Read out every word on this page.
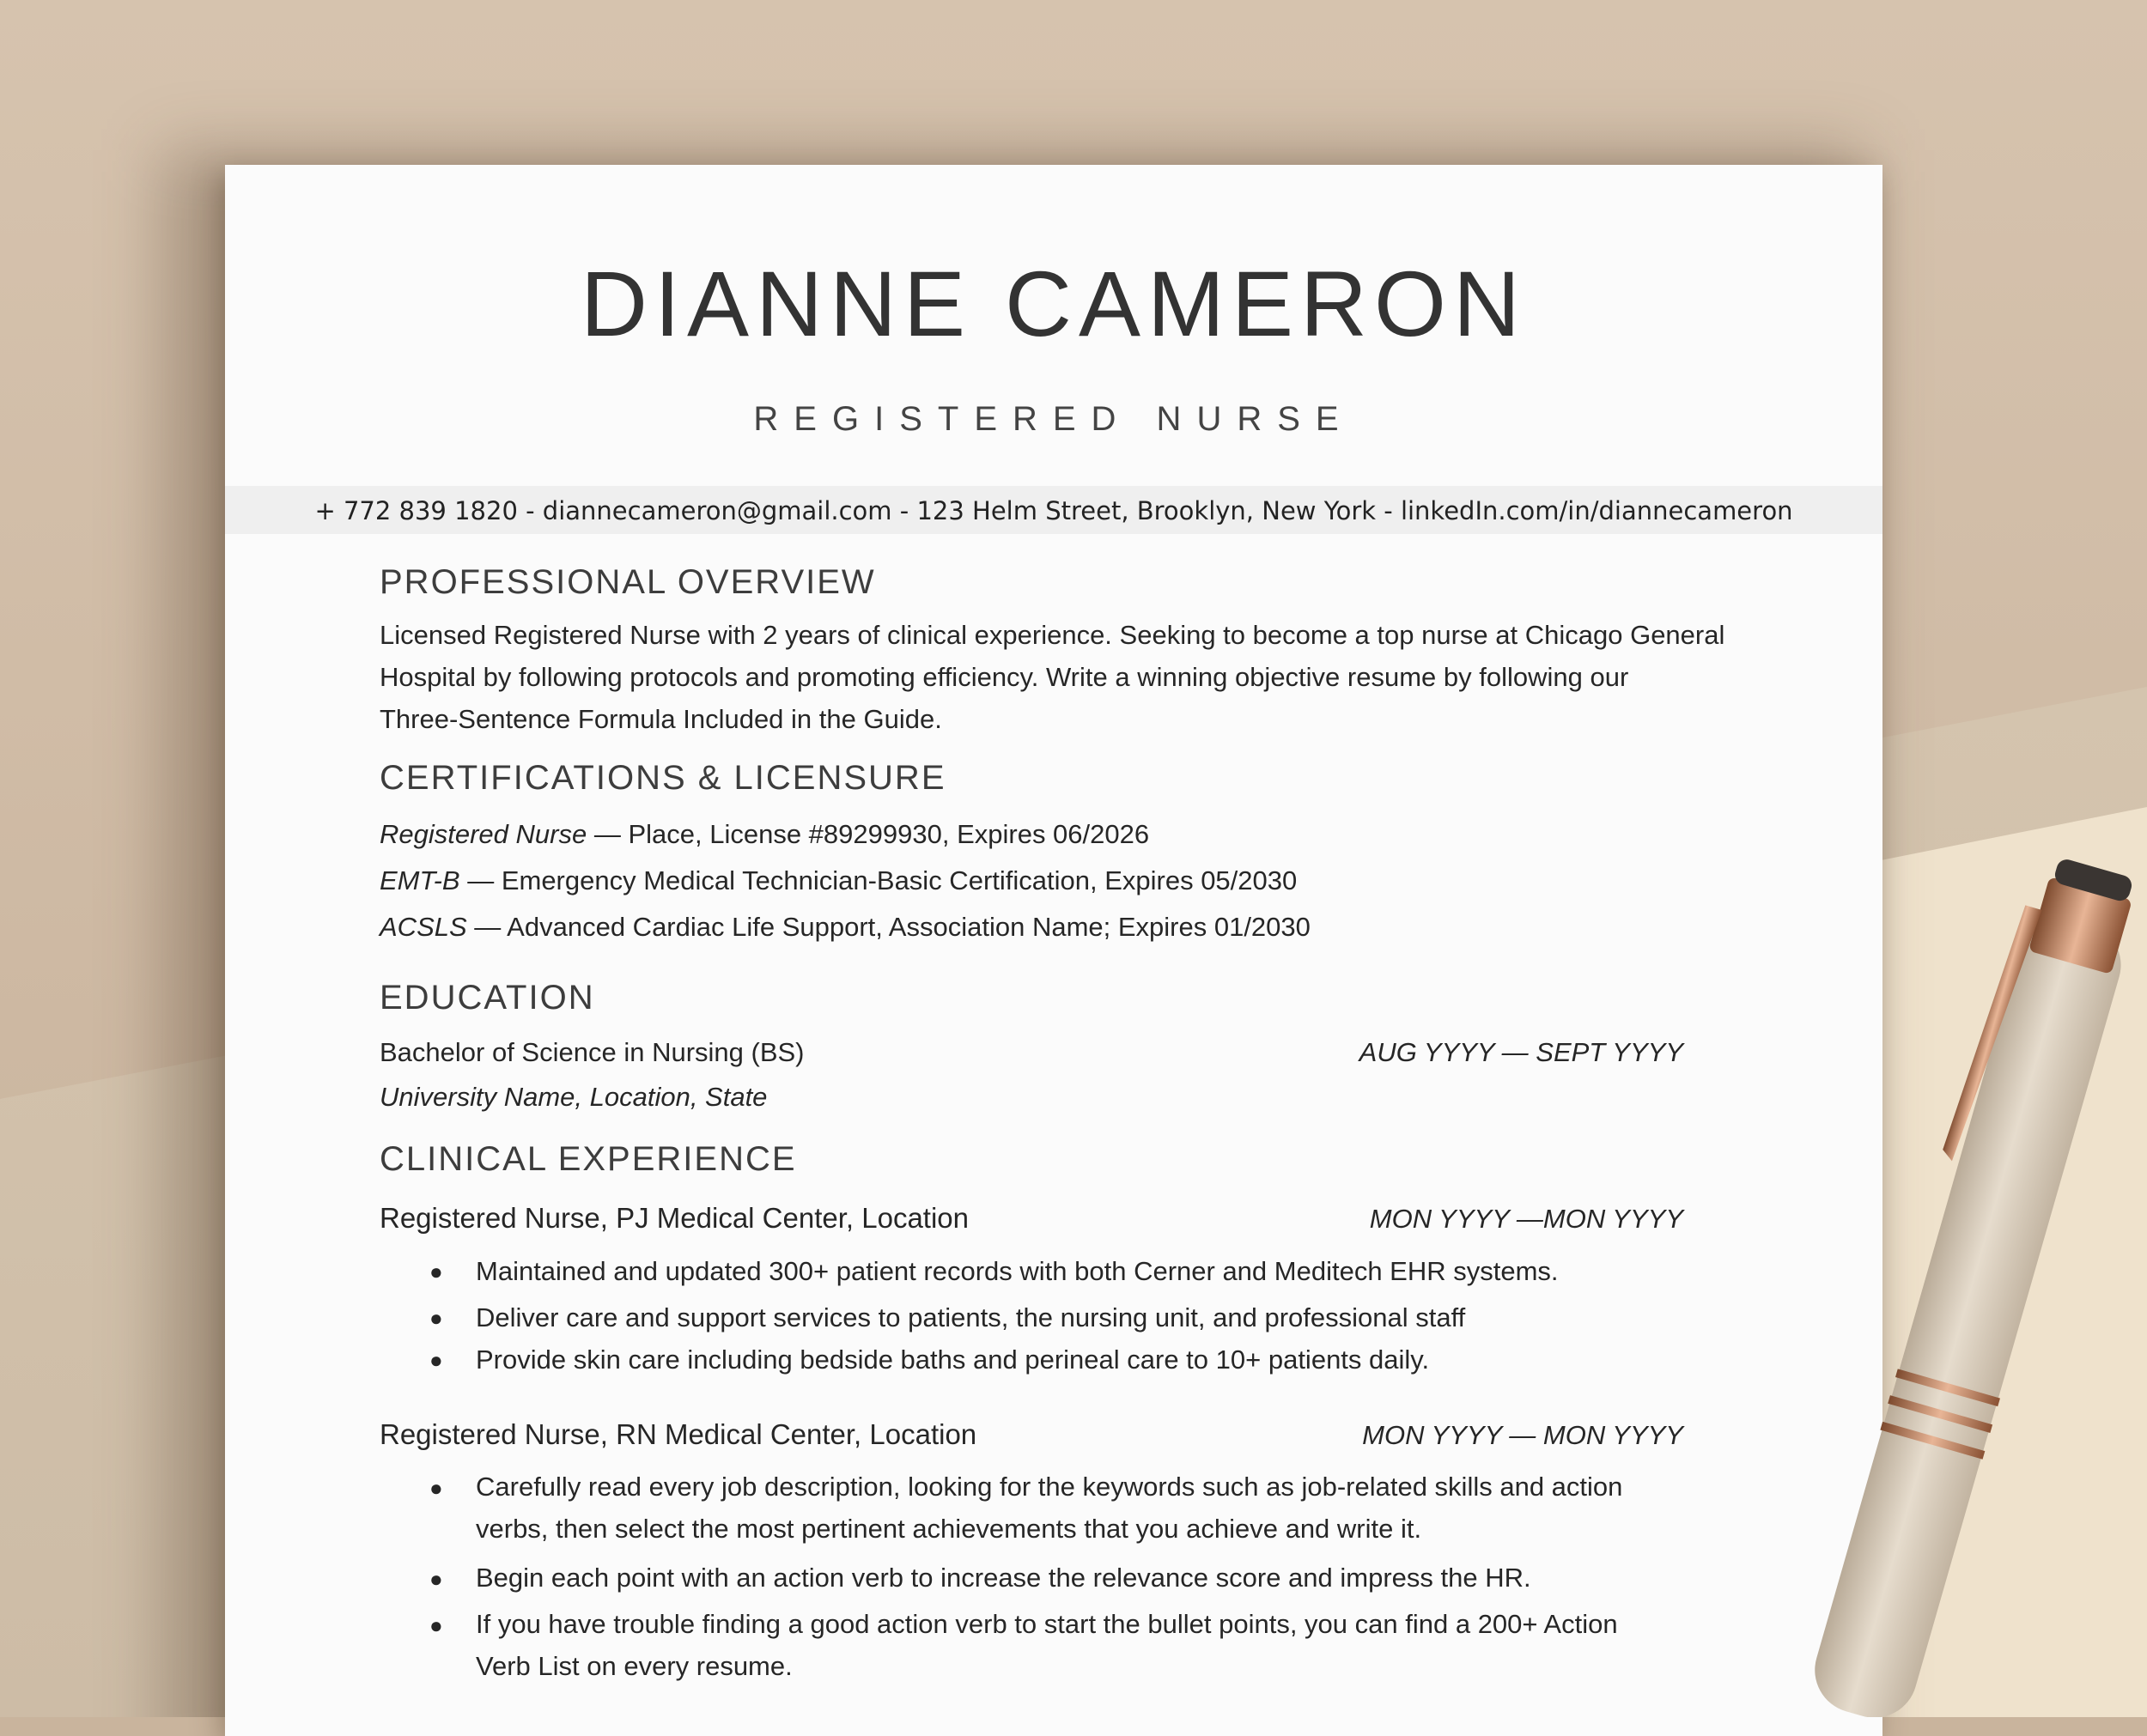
DIANNE CAMERON
REGISTERED NURSE
+ 772 839 1820 - diannecameron@gmail.com - 123 Helm Street, Brooklyn, New York - linkedIn.com/in/diannecameron
PROFESSIONAL OVERVIEW
Licensed Registered Nurse with 2 years of clinical experience. Seeking to become a top nurse at Chicago General
Hospital by following protocols and promoting efficiency. Write a winning objective resume by following our
Three-Sentence Formula Included in the Guide.
CERTIFICATIONS & LICENSURE
Registered Nurse — Place, License #89299930, Expires 06/2026
EMT-B — Emergency Medical Technician-Basic Certification, Expires 05/2030
ACSLS — Advanced Cardiac Life Support, Association Name; Expires 01/2030
EDUCATION
Bachelor of Science in Nursing (BS)	AUG YYYY — SEPT YYYY
University Name, Location, State
CLINICAL EXPERIENCE
Registered Nurse, PJ Medical Center, Location	MON YYYY —MON YYYY
● Maintained and updated 300+ patient records with both Cerner and Meditech EHR systems.
● Deliver care and support services to patients, the nursing unit, and professional staff
● Provide skin care including bedside baths and perineal care to 10+ patients daily.
Registered Nurse, RN Medical Center, Location	MON YYYY — MON YYYY
● Carefully read every job description, looking for the keywords such as job-related skills and action
verbs, then select the most pertinent achievements that you achieve and write it.
● Begin each point with an action verb to increase the relevance score and impress the HR.
● If you have trouble finding a good action verb to start the bullet points, you can find a 200+ Action
Verb List on every resume.
